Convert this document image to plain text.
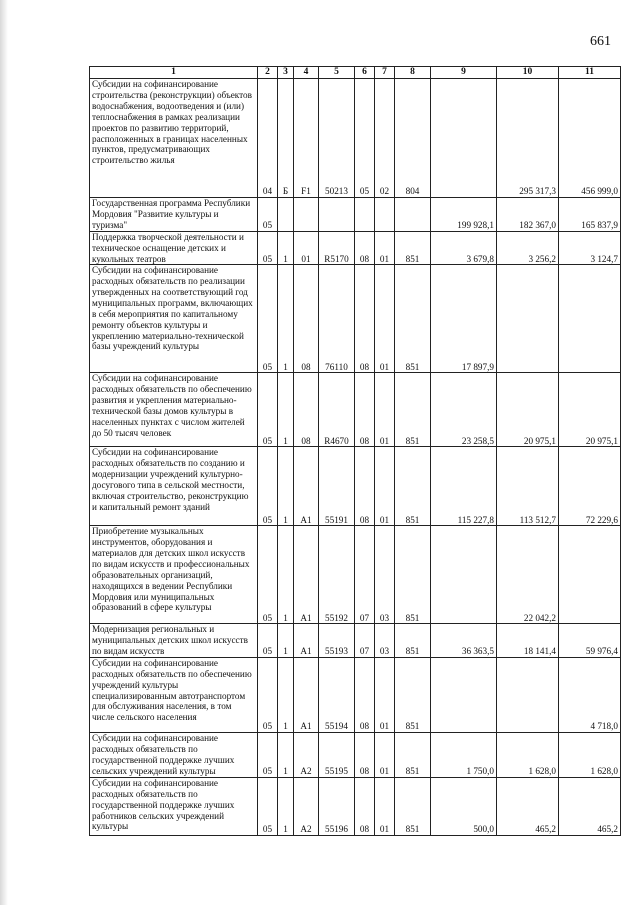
661
1	2	3	4	5	6	7	8	9	10	11
Субсидии на софинансирование строительства (реконструкции) объектов водоснабжения, водоотведения и (или) теплоснабжения в рамках реализации проектов по развитию территорий, расположенных в границах населенных пунктов, предусматривающих строительство жилья	04	Б	F1	50213	05	02	804		295 317,3	456 999,0
Государственная программа Республики Мордовия "Развитие культуры и туризма"	05							199 928,1	182 367,0	165 837,9
Поддержка творческой деятельности и техническое оснащение детских и кукольных театров	05	1	01	R5170	08	01	851	3 679,8	3 256,2	3 124,7
Субсидии на софинансирование расходных обязательств по реализации утвержденных на соответствующий год муниципальных программ, включающих в себя мероприятия по капитальному ремонту объектов культуры и укреплению материально-технической базы учреждений культуры	05	1	08	76110	08	01	851	17 897,9		
Субсидии на софинансирование расходных обязательств по обеспечению развития и укрепления материально-технической базы домов культуры в населенных пунктах с числом жителей до 50 тысяч человек	05	1	08	R4670	08	01	851	23 258,5	20 975,1	20 975,1
Субсидии на софинансирование расходных обязательств по созданию и модернизации учреждений культурно-досугового типа в сельской местности, включая строительство, реконструкцию и капитальный ремонт зданий	05	1	A1	55191	08	01	851	115 227,8	113 512,7	72 229,6
Приобретение музыкальных инструментов, оборудования и материалов для детских школ искусств по видам искусств и профессиональных образовательных организаций, находящихся в ведении Республики Мордовия или муниципальных образований в сфере культуры	05	1	A1	55192	07	03	851		22 042,2	
Модернизация региональных и муниципальных детских школ искусств по видам искусств	05	1	A1	55193	07	03	851	36 363,5	18 141,4	59 976,4
Субсидии на софинансирование расходных обязательств по обеспечению учреждений культуры специализированным автотранспортом для обслуживания населения, в том числе сельского населения	05	1	A1	55194	08	01	851			4 718,0
Субсидии на софинансирование расходных обязательств по государственной поддержке лучших сельских учреждений культуры	05	1	A2	55195	08	01	851	1 750,0	1 628,0	1 628,0
Субсидии на софинансирование расходных обязательств по государственной поддержке лучших работников сельских учреждений культуры	05	1	A2	55196	08	01	851	500,0	465,2	465,2
